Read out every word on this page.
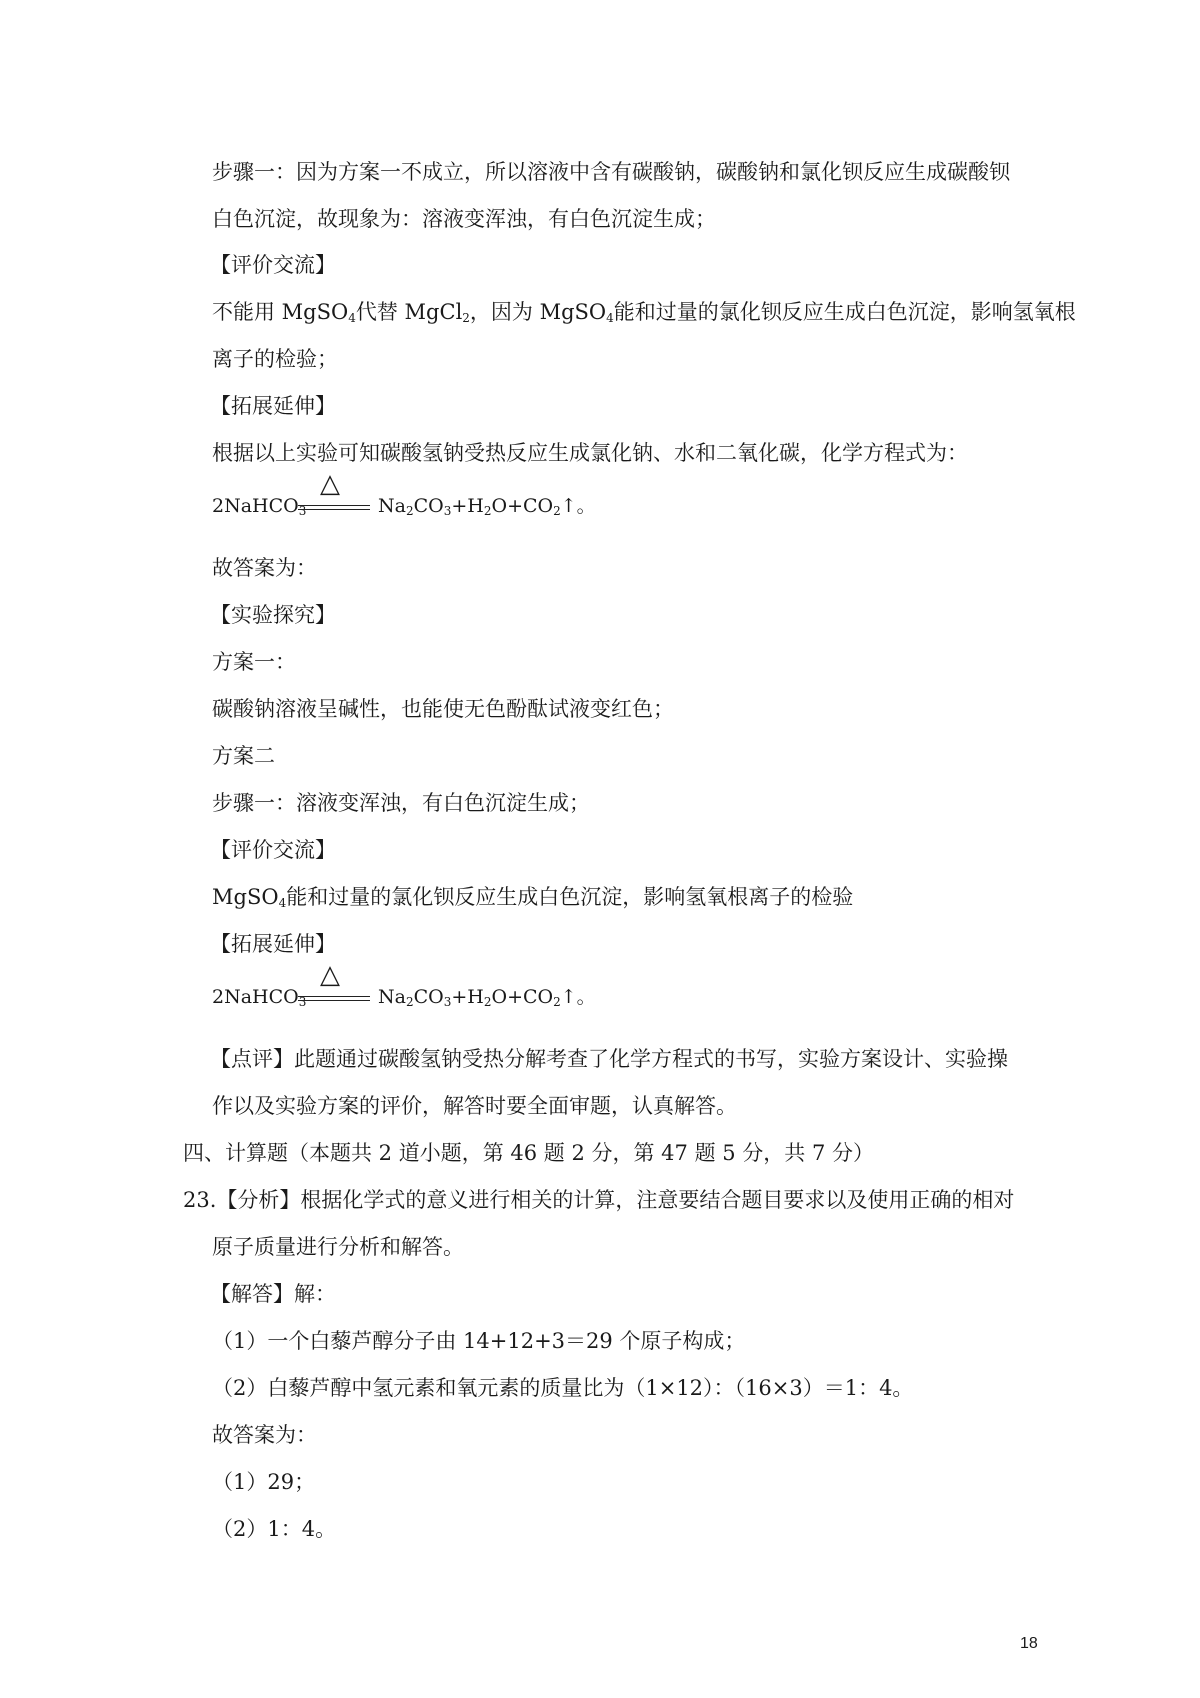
步骤一：因为方案一不成立，所以溶液中含有碳酸钠，碳酸钠和氯化钡反应生成碳酸钡
白色沉淀，故现象为：溶液变浑浊，有白色沉淀生成；
【评价交流】
不能用 MgSO$_4$代替 MgCl$_2$，因为 MgSO$_4$能和过量的氯化钡反应生成白色沉淀，影响氢氧根
离子的检验；
【拓展延伸】
根据以上实验可知碳酸氢钠受热反应生成氯化钠、水和二氧化碳，化学方程式为：
2NaHCO$_3$
△
$Na_2CO_3+H_2O+CO_2↑$。
故答案为：
【实验探究】
方案一：
碳酸钠溶液呈碱性，也能使无色酚酞试液变红色；
方案二
步骤一：溶液变浑浊，有白色沉淀生成；
【评价交流】
MgSO$_4$能和过量的氯化钡反应生成白色沉淀，影响氢氧根离子的检验
【拓展延伸】
2NaHCO$_3$
△
$Na_2CO_3+H_2O+CO_2↑$。
【点评】此题通过碳酸氢钠受热分解考查了化学方程式的书写，实验方案设计、实验操
作以及实验方案的评价，解答时要全面审题，认真解答。
四、计算题（本题共 2 道小题，第 46 题 2 分，第 47 题 5 分，共 7 分）
23.【分析】根据化学式的意义进行相关的计算，注意要结合题目要求以及使用正确的相对
原子质量进行分析和解答。
【解答】解：
（1）一个白藜芦醇分子由 14+12+3＝29 个原子构成；
（2）白藜芦醇中氢元素和氧元素的质量比为（1×12）：（16×3）＝1：4。
故答案为：
（1）29；
（2）1：4。
18
